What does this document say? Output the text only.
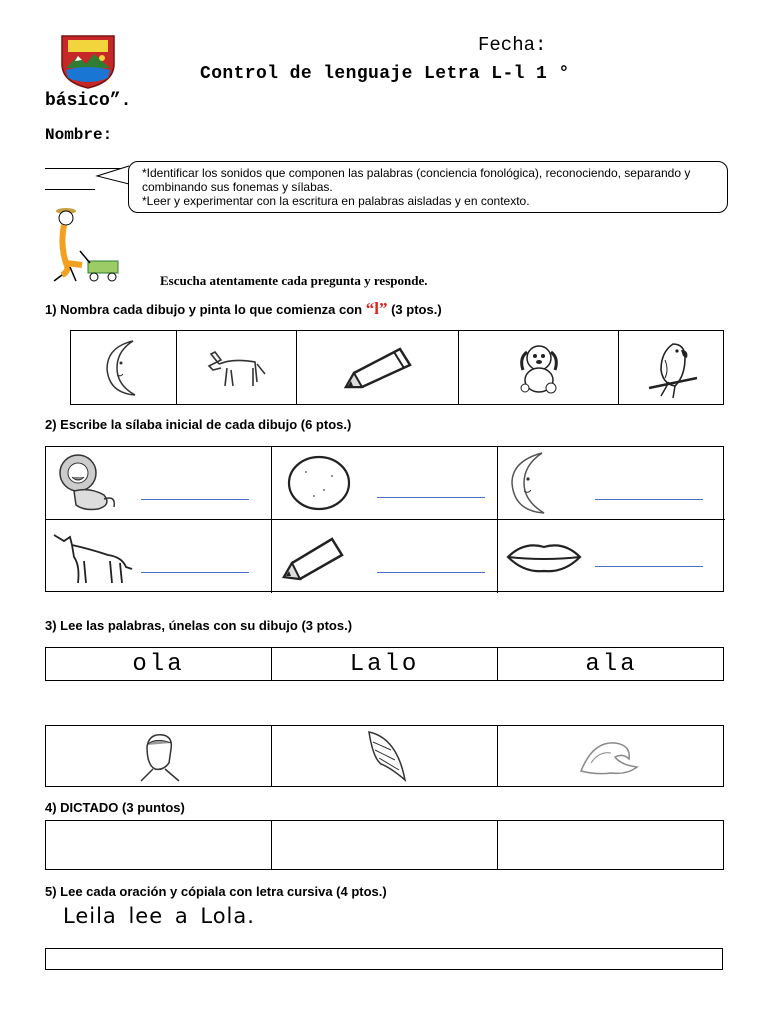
Fecha:
Control de lenguaje Letra L-l 1 °
básico”.
Nombre:

*Identificar los sonidos que componen las palabras (conciencia fonológica), reconociendo, separando y combinando sus fonemas y sílabas.

*Leer y experimentar con la escritura en palabras aisladas y en contexto.

Escucha atentamente cada pregunta y responde.
1) Nombra cada dibujo y pinta lo que comienza con “l” (3 ptos.)
2) Escribe la sílaba inicial de cada dibujo (6 ptos.)
3) Lee las palabras, únelas con su dibujo (3 ptos.)
ola	Lalo	ala
4) DICTADO (3 puntos)
5) Lee cada oración y cópiala con letra cursiva (4 ptos.)
Leila lee a Lola.
